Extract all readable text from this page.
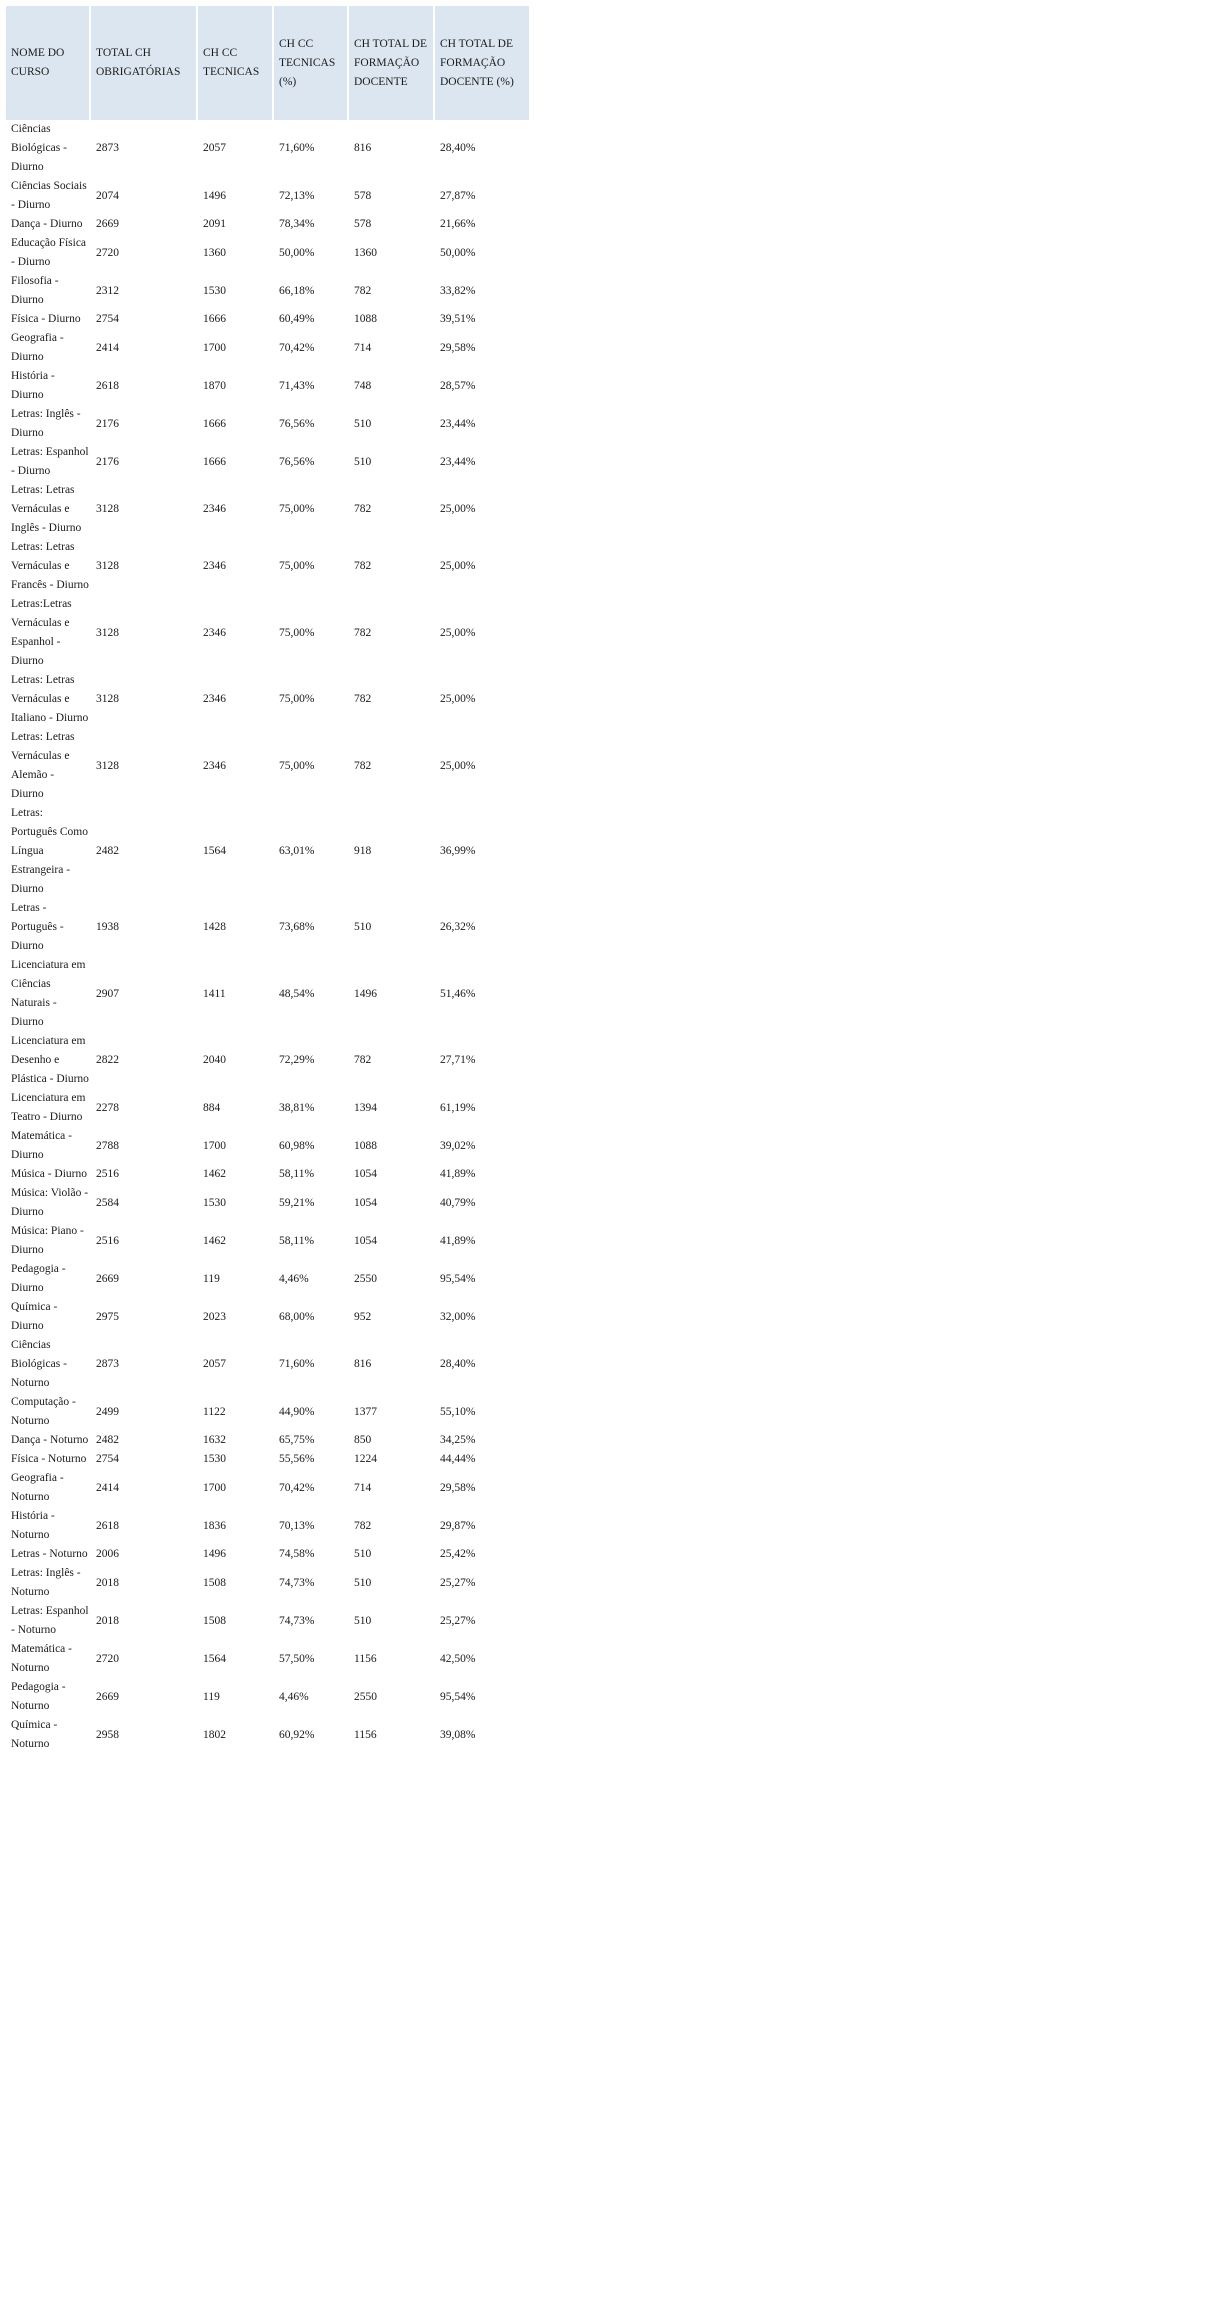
NOME DO CURSO	TOTAL CH OBRIGATÓRIAS	CH CC TECNICAS	CH CC TECNICAS (%)	CH TOTAL DE FORMAÇÃO DOCENTE	CH TOTAL DE FORMAÇÃO DOCENTE (%)
Ciências Biológicas - Diurno	2873	2057	71,60%	816	28,40%
Ciências Sociais - Diurno	2074	1496	72,13%	578	27,87%
Dança - Diurno	2669	2091	78,34%	578	21,66%
Educação Física - Diurno	2720	1360	50,00%	1360	50,00%
Filosofia - Diurno	2312	1530	66,18%	782	33,82%
Física - Diurno	2754	1666	60,49%	1088	39,51%
Geografia - Diurno	2414	1700	70,42%	714	29,58%
História - Diurno	2618	1870	71,43%	748	28,57%
Letras: Inglês - Diurno	2176	1666	76,56%	510	23,44%
Letras: Espanhol - Diurno	2176	1666	76,56%	510	23,44%
Letras: Letras Vernáculas e Inglês - Diurno	3128	2346	75,00%	782	25,00%
Letras: Letras Vernáculas e Francês - Diurno	3128	2346	75,00%	782	25,00%
Letras:Letras Vernáculas e Espanhol - Diurno	3128	2346	75,00%	782	25,00%
Letras: Letras Vernáculas e Italiano - Diurno	3128	2346	75,00%	782	25,00%
Letras: Letras Vernáculas e Alemão - Diurno	3128	2346	75,00%	782	25,00%
Letras: Português Como Língua Estrangeira - Diurno	2482	1564	63,01%	918	36,99%
Letras - Português - Diurno	1938	1428	73,68%	510	26,32%
Licenciatura em Ciências Naturais - Diurno	2907	1411	48,54%	1496	51,46%
Licenciatura em Desenho e Plástica - Diurno	2822	2040	72,29%	782	27,71%
Licenciatura em Teatro - Diurno	2278	884	38,81%	1394	61,19%
Matemática - Diurno	2788	1700	60,98%	1088	39,02%
Música - Diurno	2516	1462	58,11%	1054	41,89%
Música: Violão - Diurno	2584	1530	59,21%	1054	40,79%
Música: Piano - Diurno	2516	1462	58,11%	1054	41,89%
Pedagogia - Diurno	2669	119	4,46%	2550	95,54%
Química - Diurno	2975	2023	68,00%	952	32,00%
Ciências Biológicas - Noturno	2873	2057	71,60%	816	28,40%
Computação - Noturno	2499	1122	44,90%	1377	55,10%
Dança - Noturno	2482	1632	65,75%	850	34,25%
Física - Noturno	2754	1530	55,56%	1224	44,44%
Geografia - Noturno	2414	1700	70,42%	714	29,58%
História - Noturno	2618	1836	70,13%	782	29,87%
Letras - Noturno	2006	1496	74,58%	510	25,42%
Letras: Inglês - Noturno	2018	1508	74,73%	510	25,27%
Letras: Espanhol - Noturno	2018	1508	74,73%	510	25,27%
Matemática - Noturno	2720	1564	57,50%	1156	42,50%
Pedagogia - Noturno	2669	119	4,46%	2550	95,54%
Química - Noturno	2958	1802	60,92%	1156	39,08%
